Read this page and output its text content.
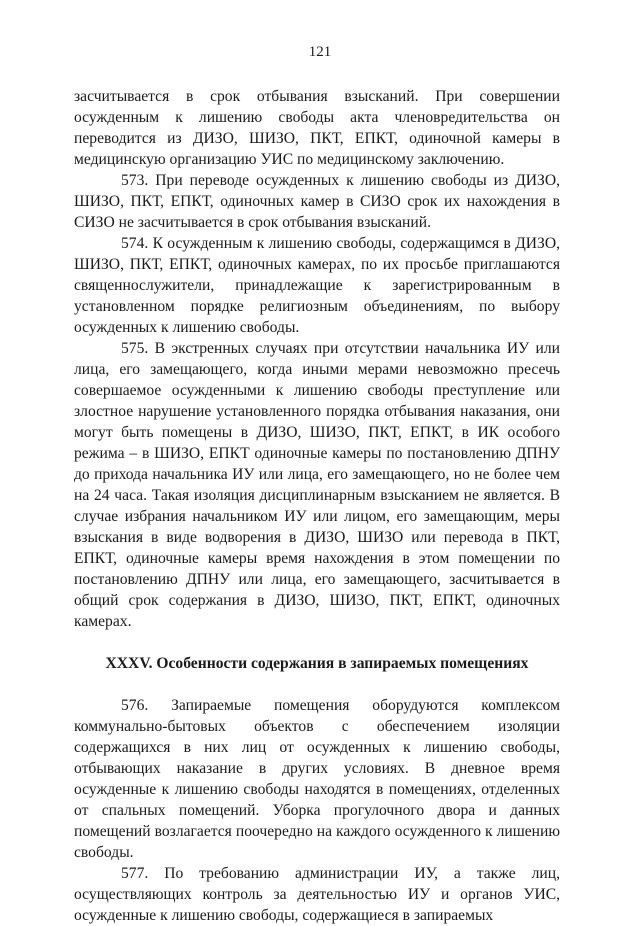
121

засчитывается в срок отбывания взысканий. При совершении осужденным к лишению свободы акта членовредительства он переводится из ДИЗО, ШИЗО, ПКТ, ЕПКТ, одиночной камеры в медицинскую организацию УИС по медицинскому заключению.

573. При переводе осужденных к лишению свободы из ДИЗО, ШИЗО, ПКТ, ЕПКТ, одиночных камер в СИЗО срок их нахождения в СИЗО не засчитывается в срок отбывания взысканий.

574. К осужденным к лишению свободы, содержащимся в ДИЗО, ШИЗО, ПКТ, ЕПКТ, одиночных камерах, по их просьбе приглашаются священнослужители, принадлежащие к зарегистрированным в установленном порядке религиозным объединениям, по выбору осужденных к лишению свободы.

575. В экстренных случаях при отсутствии начальника ИУ или лица, его замещающего, когда иными мерами невозможно пресечь совершаемое осужденными к лишению свободы преступление или злостное нарушение установленного порядка отбывания наказания, они могут быть помещены в ДИЗО, ШИЗО, ПКТ, ЕПКТ, в ИК особого режима – в ШИЗО, ЕПКТ одиночные камеры по постановлению ДПНУ до прихода начальника ИУ или лица, его замещающего, но не более чем на 24 часа. Такая изоляция дисциплинарным взысканием не является. В случае избрания начальником ИУ или лицом, его замещающим, меры взыскания в виде водворения в ДИЗО, ШИЗО или перевода в ПКТ, ЕПКТ, одиночные камеры время нахождения в этом помещении по постановлению ДПНУ или лица, его замещающего, засчитывается в общий срок содержания в ДИЗО, ШИЗО, ПКТ, ЕПКТ, одиночных камерах.

XXXV. Особенности содержания в запираемых помещениях

576. Запираемые помещения оборудуются комплексом коммунально-бытовых объектов с обеспечением изоляции содержащихся в них лиц от осужденных к лишению свободы, отбывающих наказание в других условиях. В дневное время осужденные к лишению свободы находятся в помещениях, отделенных от спальных помещений. Уборка прогулочного двора и данных помещений возлагается поочередно на каждого осужденного к лишению свободы.

577. По требованию администрации ИУ, а также лиц, осуществляющих контроль за деятельностью ИУ и органов УИС, осужденные к лишению свободы, содержащиеся в запираемых
